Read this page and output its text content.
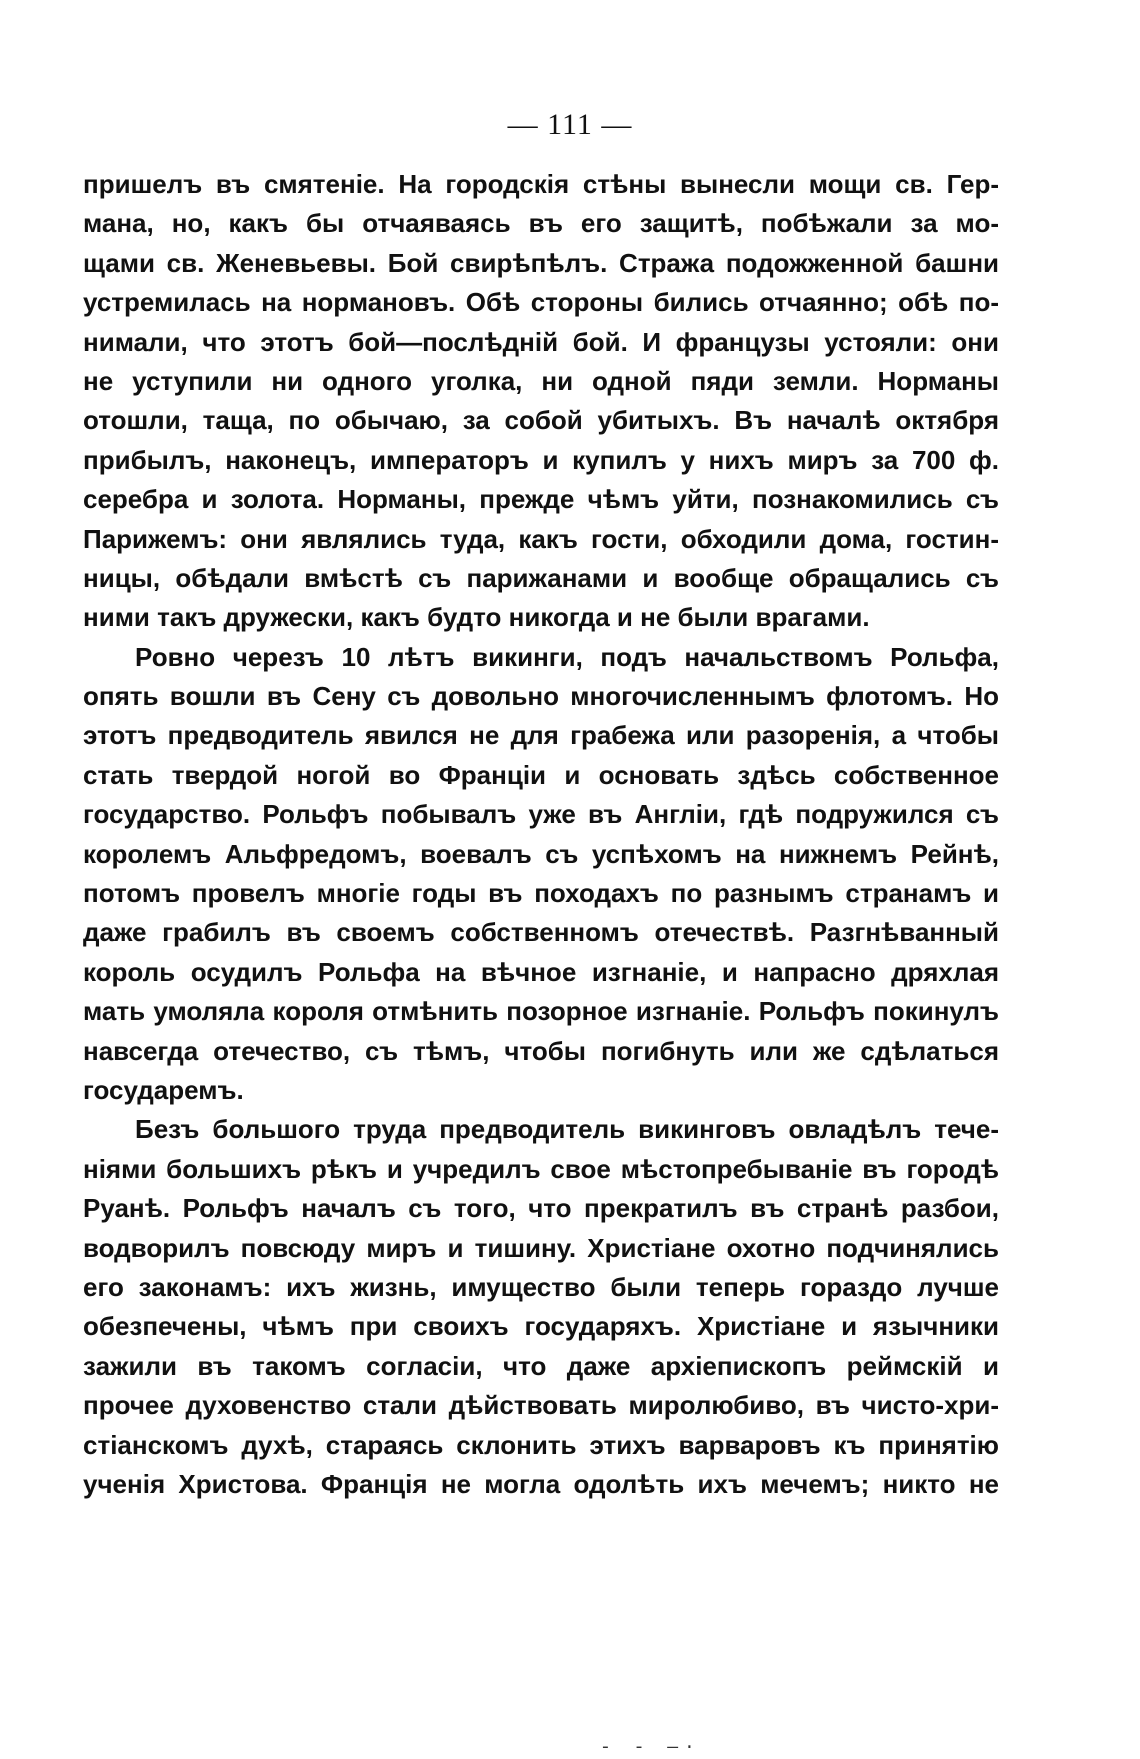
— 111 —
пришелъ въ смятеніе. На городскія стѣны вынесли мощи св. Гер-
мана, но, какъ бы отчаяваясь въ его защитѣ, побѣжали за мо-
щами св. Женевьевы. Бой свирѣпѣлъ. Стража подожженной башни
устремилась на нормановъ. Обѣ стороны бились отчаянно; обѣ по-
нимали, что этотъ бой—послѣдній бой. И французы устояли: они
не уступили ни одного уголка, ни одной пяди земли. Норманы
отошли, таща, по обычаю, за собой убитыхъ. Въ началѣ октября
прибылъ, наконецъ, императоръ и купилъ у нихъ миръ за 700 ф.
серебра и золота. Норманы, прежде чѣмъ уйти, познакомились съ
Парижемъ: они являлись туда, какъ гости, обходили дома, гостин-
ницы, обѣдали вмѣстѣ съ парижанами и вообще обращались съ
ними такъ дружески, какъ будто никогда и не были врагами.
Ровно черезъ 10 лѣтъ викинги, подъ начальствомъ Рольфа,
опять вошли въ Сену съ довольно многочисленнымъ флотомъ. Но
этотъ предводитель явился не для грабежа или разоренія, а чтобы
стать твердой ногой во Франціи и основать здѣсь собственное
государство. Рольфъ побывалъ уже въ Англіи, гдѣ подружился съ
королемъ Альфредомъ, воевалъ съ успѣхомъ на нижнемъ Рейнѣ,
потомъ провелъ многіе годы въ походахъ по разнымъ странамъ и
даже грабилъ въ своемъ собственномъ отечествѣ. Разгнѣванный
король осудилъ Рольфа на вѣчное изгнаніе, и напрасно дряхлая
мать умоляла короля отмѣнить позорное изгнаніе. Рольфъ покинулъ
навсегда отечество, съ тѣмъ, чтобы погибнуть или же сдѣлаться
государемъ.
Безъ большого труда предводитель викинговъ овладѣлъ тече-
ніями большихъ рѣкъ и учредилъ свое мѣстопребываніе въ городѣ
Руанѣ. Рольфъ началъ съ того, что прекратилъ въ странѣ разбои,
водворилъ повсюду миръ и тишину. Христіане охотно подчинялись
его законамъ: ихъ жизнь, имущество были теперь гораздо лучше
обезпечены, чѣмъ при своихъ государяхъ. Христіане и язычники
зажили въ такомъ согласіи, что даже архіепископъ реймскій и
прочее духовенство стали дѣйствовать миролюбиво, въ чисто-хри-
стіанскомъ духѣ, стараясь склонить этихъ варваровъ къ принятію
ученія Христова. Франція не могла одолѣть ихъ мечемъ; никто не
- - —·
